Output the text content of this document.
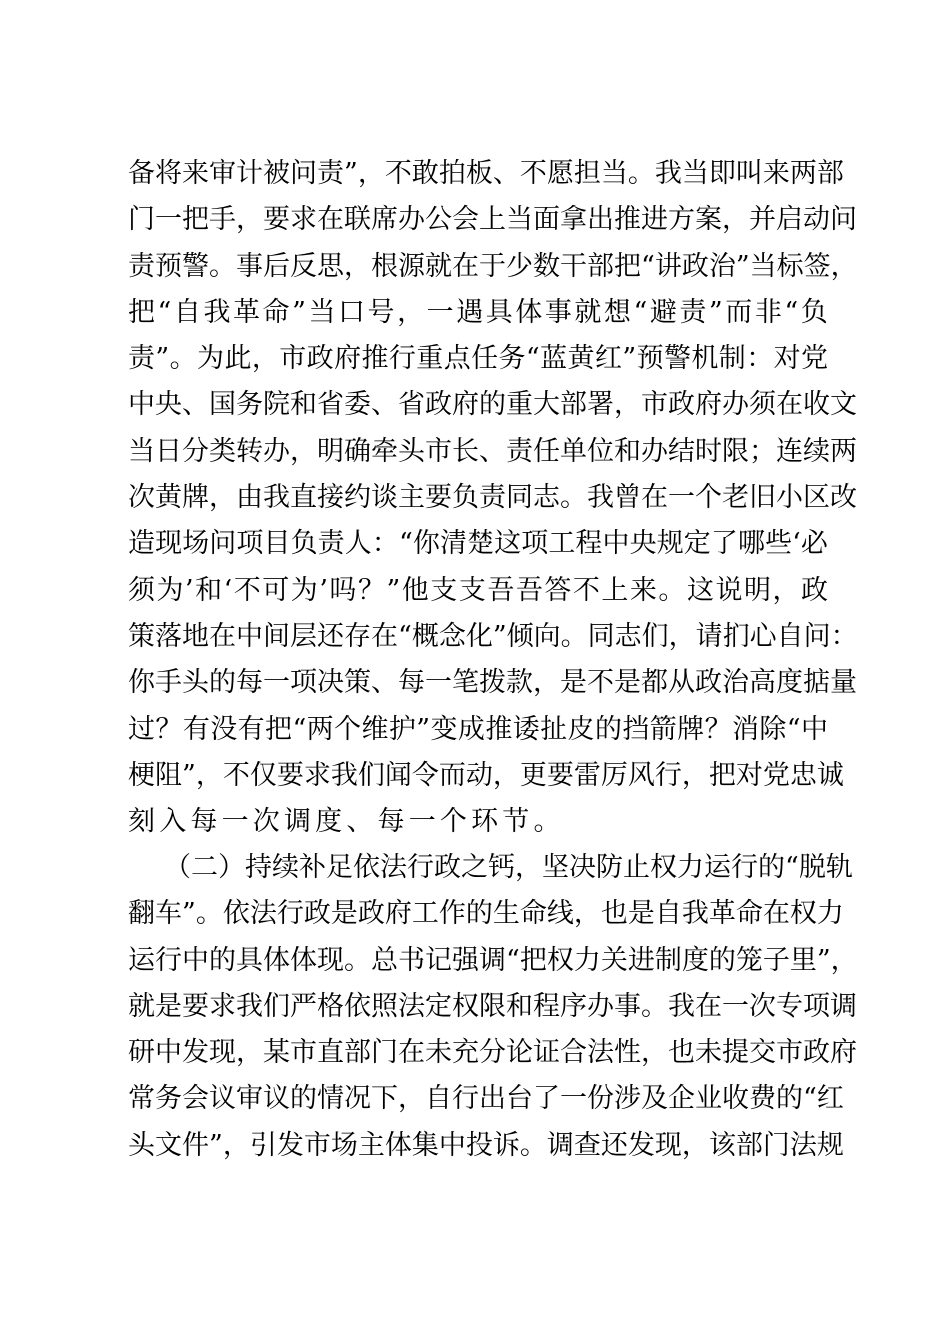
备 将 来 审 计 被 问 责 ” ， 不 敢 拍 板 、 不 愿 担 当 。 我 当 即 叫 来 两 部
门 一 把 手 ， 要 求 在 联 席 办 公 会 上 当 面 拿 出 推 进 方 案 ， 并 启 动 问
责 预 警 。 事 后 反 思 ， 根 源 就 在 于 少 数 干 部 把 “ 讲 政 治 ” 当 标 签 ，
把 “ 自 我 革 命 ” 当 口 号 ， 一 遇 具 体 事 就 想 “ 避 责 ” 而 非 “ 负
责 ” 。 为 此 ， 市 政 府 推 行 重 点 任 务 “ 蓝 黄 红 ” 预 警 机 制 ： 对 党
中 央 、 国 务 院 和 省 委 、 省 政 府 的 重 大 部 署 ， 市 政 府 办 须 在 收 文
当 日 分 类 转 办 ， 明 确 牵 头 市 长 、 责 任 单 位 和 办 结 时 限 ； 连 续 两
次 黄 牌 ， 由 我 直 接 约 谈 主 要 负 责 同 志 。 我 曾 在 一 个 老 旧 小 区 改
造 现 场 问 项 目 负 责 人 ： “ 你 清 楚 这 项 工 程 中 央 规 定 了 哪 些 ‘ 必
须 为 ’ 和 ‘ 不 可 为 ’ 吗 ？ ” 他 支 支 吾 吾 答 不 上 来 。 这 说 明 ， 政
策 落 地 在 中 间 层 还 存 在 “ 概 念 化 ” 倾 向 。 同 志 们 ， 请 扪 心 自 问 ：
你 手 头 的 每 一 项 决 策 、 每 一 笔 拨 款 ， 是 不 是 都 从 政 治 高 度 掂 量
过 ？ 有 没 有 把 “ 两 个 维 护 ” 变 成 推 诿 扯 皮 的 挡 箭 牌 ？ 消 除 “ 中
梗 阻 ” ， 不 仅 要 求 我 们 闻 令 而 动 ， 更 要 雷 厉 风 行 ， 把 对 党 忠 诚
刻 入 每 一 次 调 度 、 每 一 个 环 节 。
（ 二 ） 持 续 补 足 依 法 行 政 之 钙 ， 坚 决 防 止 权 力 运 行 的 “ 脱 轨
翻 车 ” 。 依 法 行 政 是 政 府 工 作 的 生 命 线 ， 也 是 自 我 革 命 在 权 力
运 行 中 的 具 体 体 现 。 总 书 记 强 调 “ 把 权 力 关 进 制 度 的 笼 子 里 ” ，
就 是 要 求 我 们 严 格 依 照 法 定 权 限 和 程 序 办 事 。 我 在 一 次 专 项 调
研 中 发 现 ， 某 市 直 部 门 在 未 充 分 论 证 合 法 性 ， 也 未 提 交 市 政 府
常 务 会 议 审 议 的 情 况 下 ， 自 行 出 台 了 一 份 涉 及 企 业 收 费 的 “ 红
头 文 件 ” ， 引 发 市 场 主 体 集 中 投 诉 。 调 查 还 发 现 ， 该 部 门 法 规
